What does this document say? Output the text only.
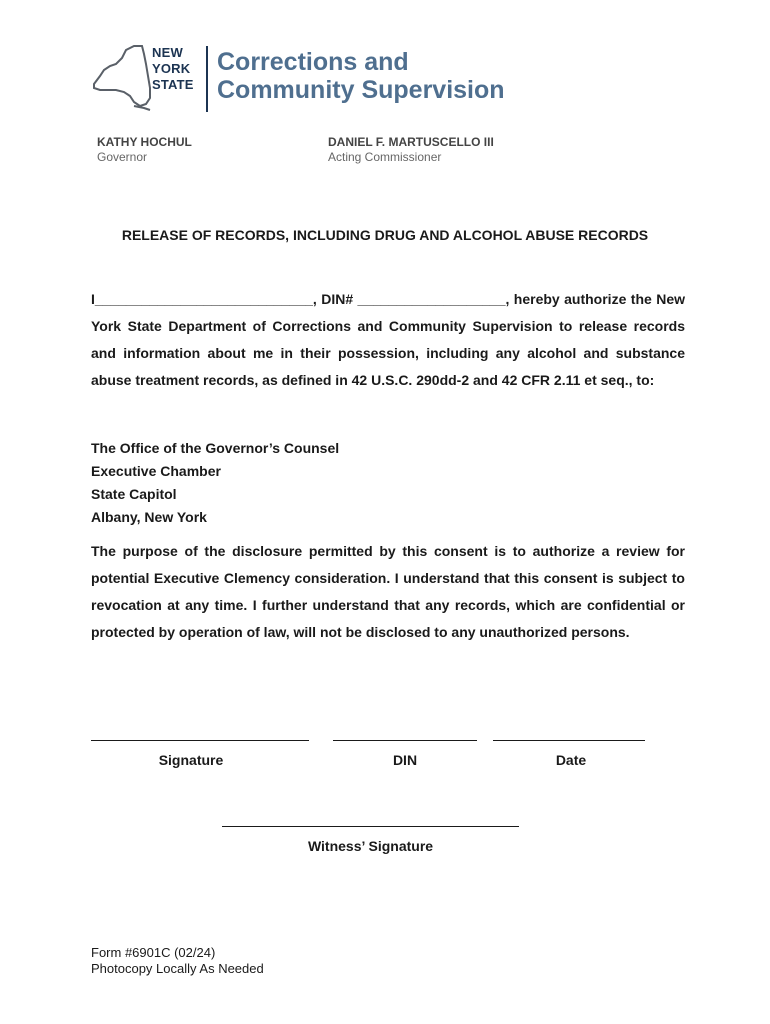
NEW
YORK
STATE
Corrections and
Community Supervision
KATHY HOCHUL
Governor
DANIEL F. MARTUSCELLO III
Acting Commissioner
RELEASE OF RECORDS, INCLUDING DRUG AND ALCOHOL ABUSE RECORDS
I____________________________, DIN# ___________________, hereby authorize the New York State Department of Corrections and Community Supervision to release records and information about me in their possession, including any alcohol and substance abuse treatment records, as defined in 42 U.S.C. 290dd-2 and 42 CFR 2.11 et seq., to:
The Office of the Governor’s Counsel
Executive Chamber
State Capitol
Albany, New York
The purpose of the disclosure permitted by this consent is to authorize a review for potential Executive Clemency consideration. I understand that this consent is subject to revocation at any time. I further understand that any records, which are confidential or protected by operation of law, will not be disclosed to any unauthorized persons.
Signature	DIN	Date
Witness’ Signature
Form #6901C (02/24)
Photocopy Locally As Needed
